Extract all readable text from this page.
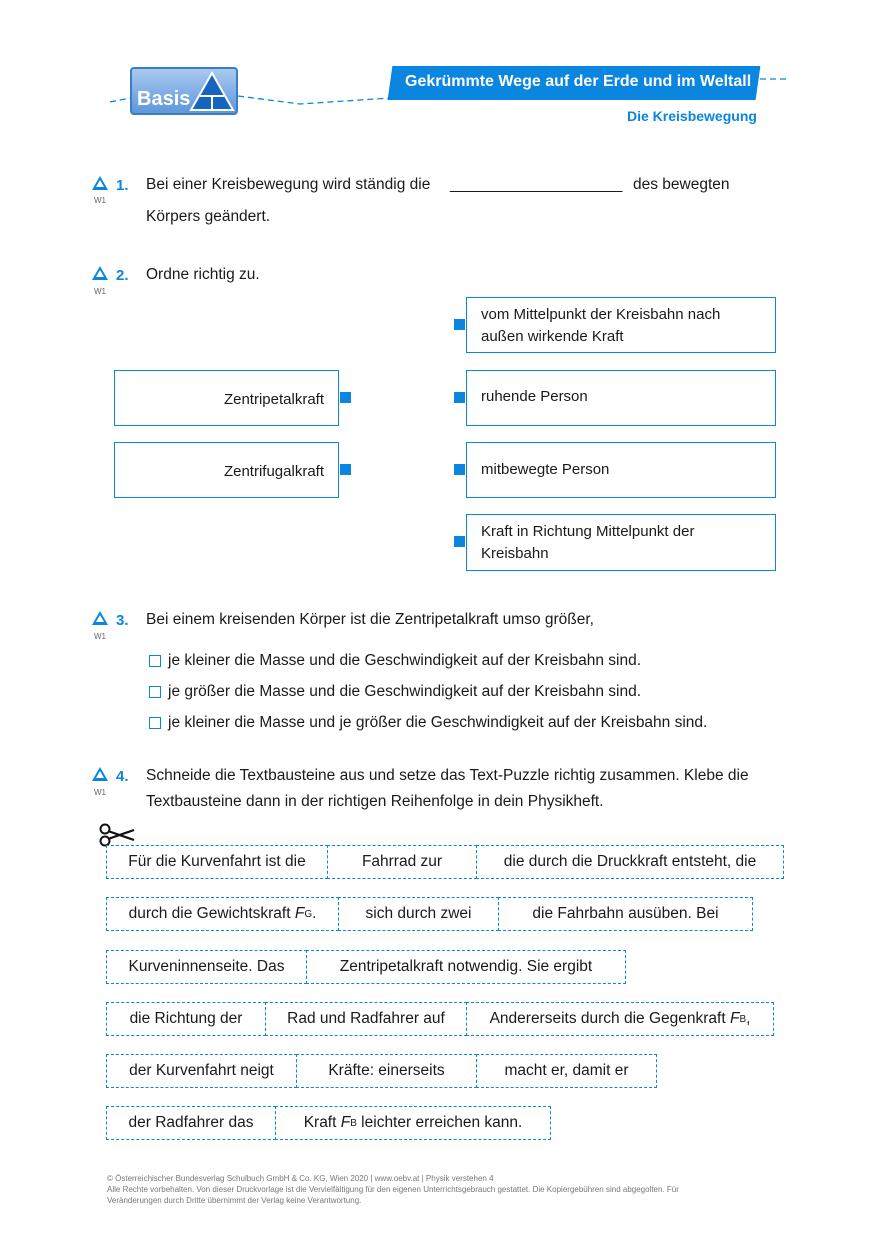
Basis
Gekrümmte Wege auf der Erde und im Weltall
Die Kreisbewegung
W1
1. Bei einer Kreisbewegung wird ständig die ____________________ des bewegten
Körpers geändert.
W1
2. Ordne richtig zu.
Zentripetalkraft
Zentrifugalkraft
vom Mittelpunkt der Kreisbahn nach
außen wirkende Kraft
ruhende Person
mitbewegte Person
Kraft in Richtung Mittelpunkt der
Kreisbahn
W1
3. Bei einem kreisenden Körper ist die Zentripetalkraft umso größer,
je kleiner die Masse und die Geschwindigkeit auf der Kreisbahn sind.
je größer die Masse und die Geschwindigkeit auf der Kreisbahn sind.
je kleiner die Masse und je größer die Geschwindigkeit auf der Kreisbahn sind.
W1
4. Schneide die Textbausteine aus und setze das Text-Puzzle richtig zusammen. Klebe die
Textbausteine dann in der richtigen Reihenfolge in dein Physikheft.
Für die Kurvenfahrt ist die	Fahrrad zur	die durch die Druckkraft entsteht, die
durch die Gewichtskraft F G .	sich durch zwei	die Fahrbahn ausüben. Bei
Kurveninnenseite. Das	Zentripetalkraft notwendig. Sie ergibt
die Richtung der	Rad und Radfahrer auf	Andererseits durch die Gegenkraft F B ,
der Kurvenfahrt neigt	Kräfte: einerseits	macht er, damit er
der Radfahrer das	Kraft F B leichter erreichen kann.
© Österreichischer Bundesverlag Schulbuch GmbH & Co. KG, Wien 2020 | www.oebv.at | Physik verstehen 4
Alle Rechte vorbehalten. Von dieser Druckvorlage ist die Vervielfältigung für den eigenen Unterrichtsgebrauch gestattet. Die Kopiergebühren sind abgegolten. Für
Veränderungen durch Dritte übernimmt der Verlag keine Verantwortung.
